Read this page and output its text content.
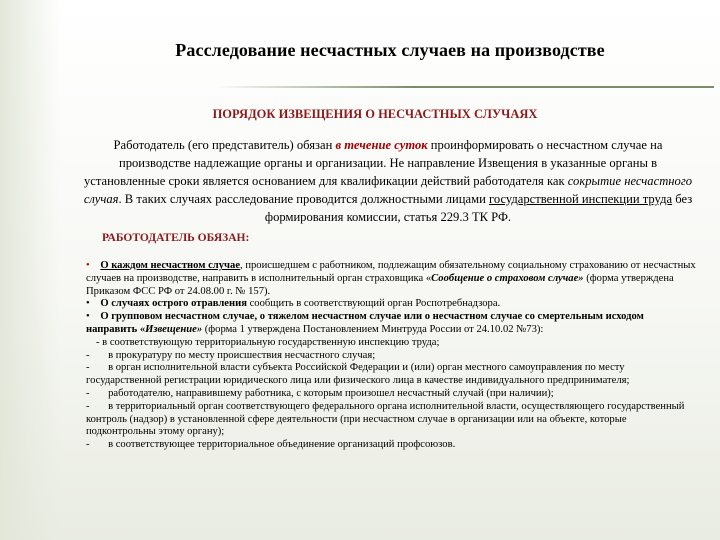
Расследование несчастных случаев на производстве
ПОРЯДОК ИЗВЕЩЕНИЯ О НЕСЧАСТНЫХ СЛУЧАЯХ
Работодатель (его представитель) обязан в течение суток проинформировать о несчастном случае на производстве надлежащие органы и организации. Не направление Извещения в указанные органы в установленные сроки является основанием для квалификации действий работодателя как сокрытие несчастного случая. В таких случаях расследование проводится должностными лицами государственной инспекции труда без формирования комиссии, статья 229.3 ТК РФ.
РАБОТОДАТЕЛЬ ОБЯЗАН:

• О каждом несчастном случае, происшедшем с работником, подлежащим обязательному социальному страхованию от несчастных случаев на производстве, направить в исполнительный орган страховщика «Сообщение о страховом случае» (форма утверждена Приказом ФСС РФ от 24.08.00 г. № 157).

• О случаях острого отравления сообщить в соответствующий орган Роспотребнадзора.

• О групповом несчастном случае, о тяжелом несчастном случае или о несчастном случае со смертельным исходом направить «Извещение» (форма 1 утверждена Постановлением Минтруда России от 24.10.02 №73):

- в соответствующую территориальную государственную инспекцию труда;

-       в прокуратуру по месту происшествия несчастного случая;

-       в орган исполнительной власти субъекта Российской Федерации и (или) орган местного самоуправления по месту государственной регистрации юридического лица или физического лица в качестве индивидуального предпринимателя;

-       работодателю, направившему работника, с которым произошел несчастный случай (при наличии);

-       в территориальный орган соответствующего федерального органа исполнительной власти, осуществляющего государственный контроль (надзор) в установленной сфере деятельности (при несчастном случае в организации или на объекте, которые подконтрольны этому органу);

-       в соответствующее территориальное объединение организаций профсоюзов.
